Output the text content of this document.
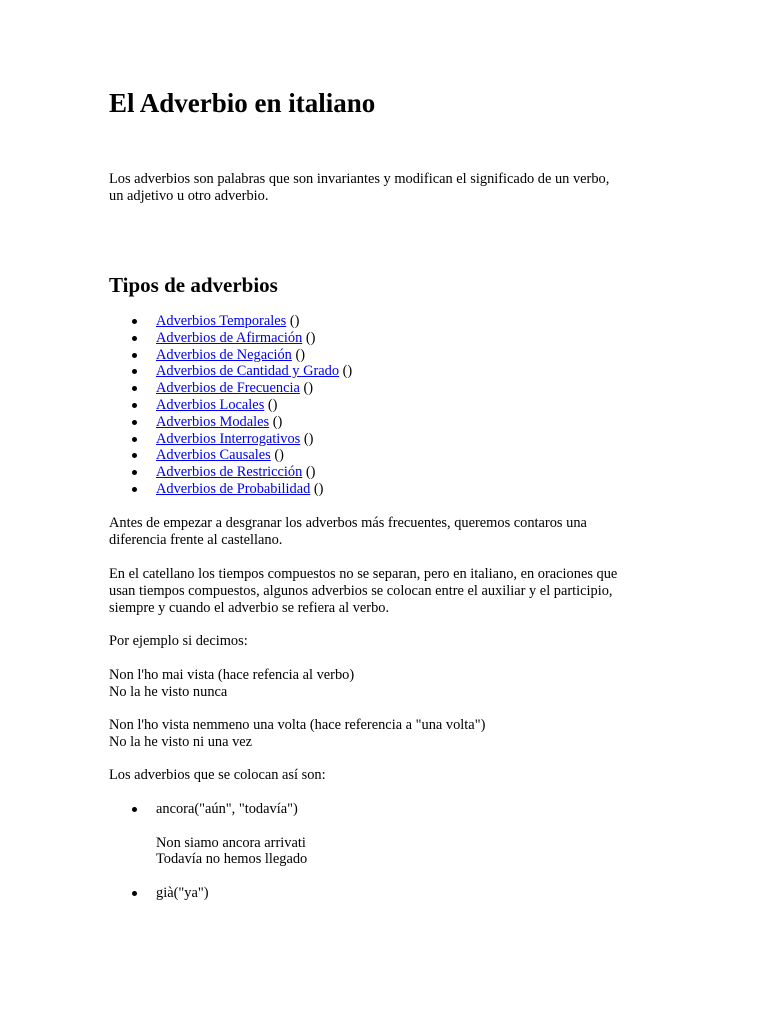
El Adverbio en italiano

Los adverbios son palabras que son invariantes y modifican el significado de un verbo,
un adjetivo u otro adverbio.

Tipos de adverbios
Adverbios Temporales ()
Adverbios de Afirmación ()
Adverbios de Negación ()
Adverbios de Cantidad y Grado ()
Adverbios de Frecuencia ()
Adverbios Locales ()
Adverbios Modales ()
Adverbios Interrogativos ()
Adverbios Causales ()
Adverbios de Restricción ()
Adverbios de Probabilidad ()

Antes de empezar a desgranar los adverbos más frecuentes, queremos contaros una
diferencia frente al castellano.

En el catellano los tiempos compuestos no se separan, pero en italiano, en oraciones que
usan tiempos compuestos, algunos adverbios se colocan entre el auxiliar y el participio,
siempre y cuando el adverbio se refiera al verbo.

Por ejemplo si decimos:

Non l'ho mai vista (hace refencia al verbo)
No la he visto nunca

Non l'ho vista nemmeno una volta (hace referencia a "una volta")
No la he visto ni una vez

Los adverbios que se colocan así son:

ancora("aún", "todavía")
Non siamo ancora arrivati
Todavía no hemos llegado
già("ya")
